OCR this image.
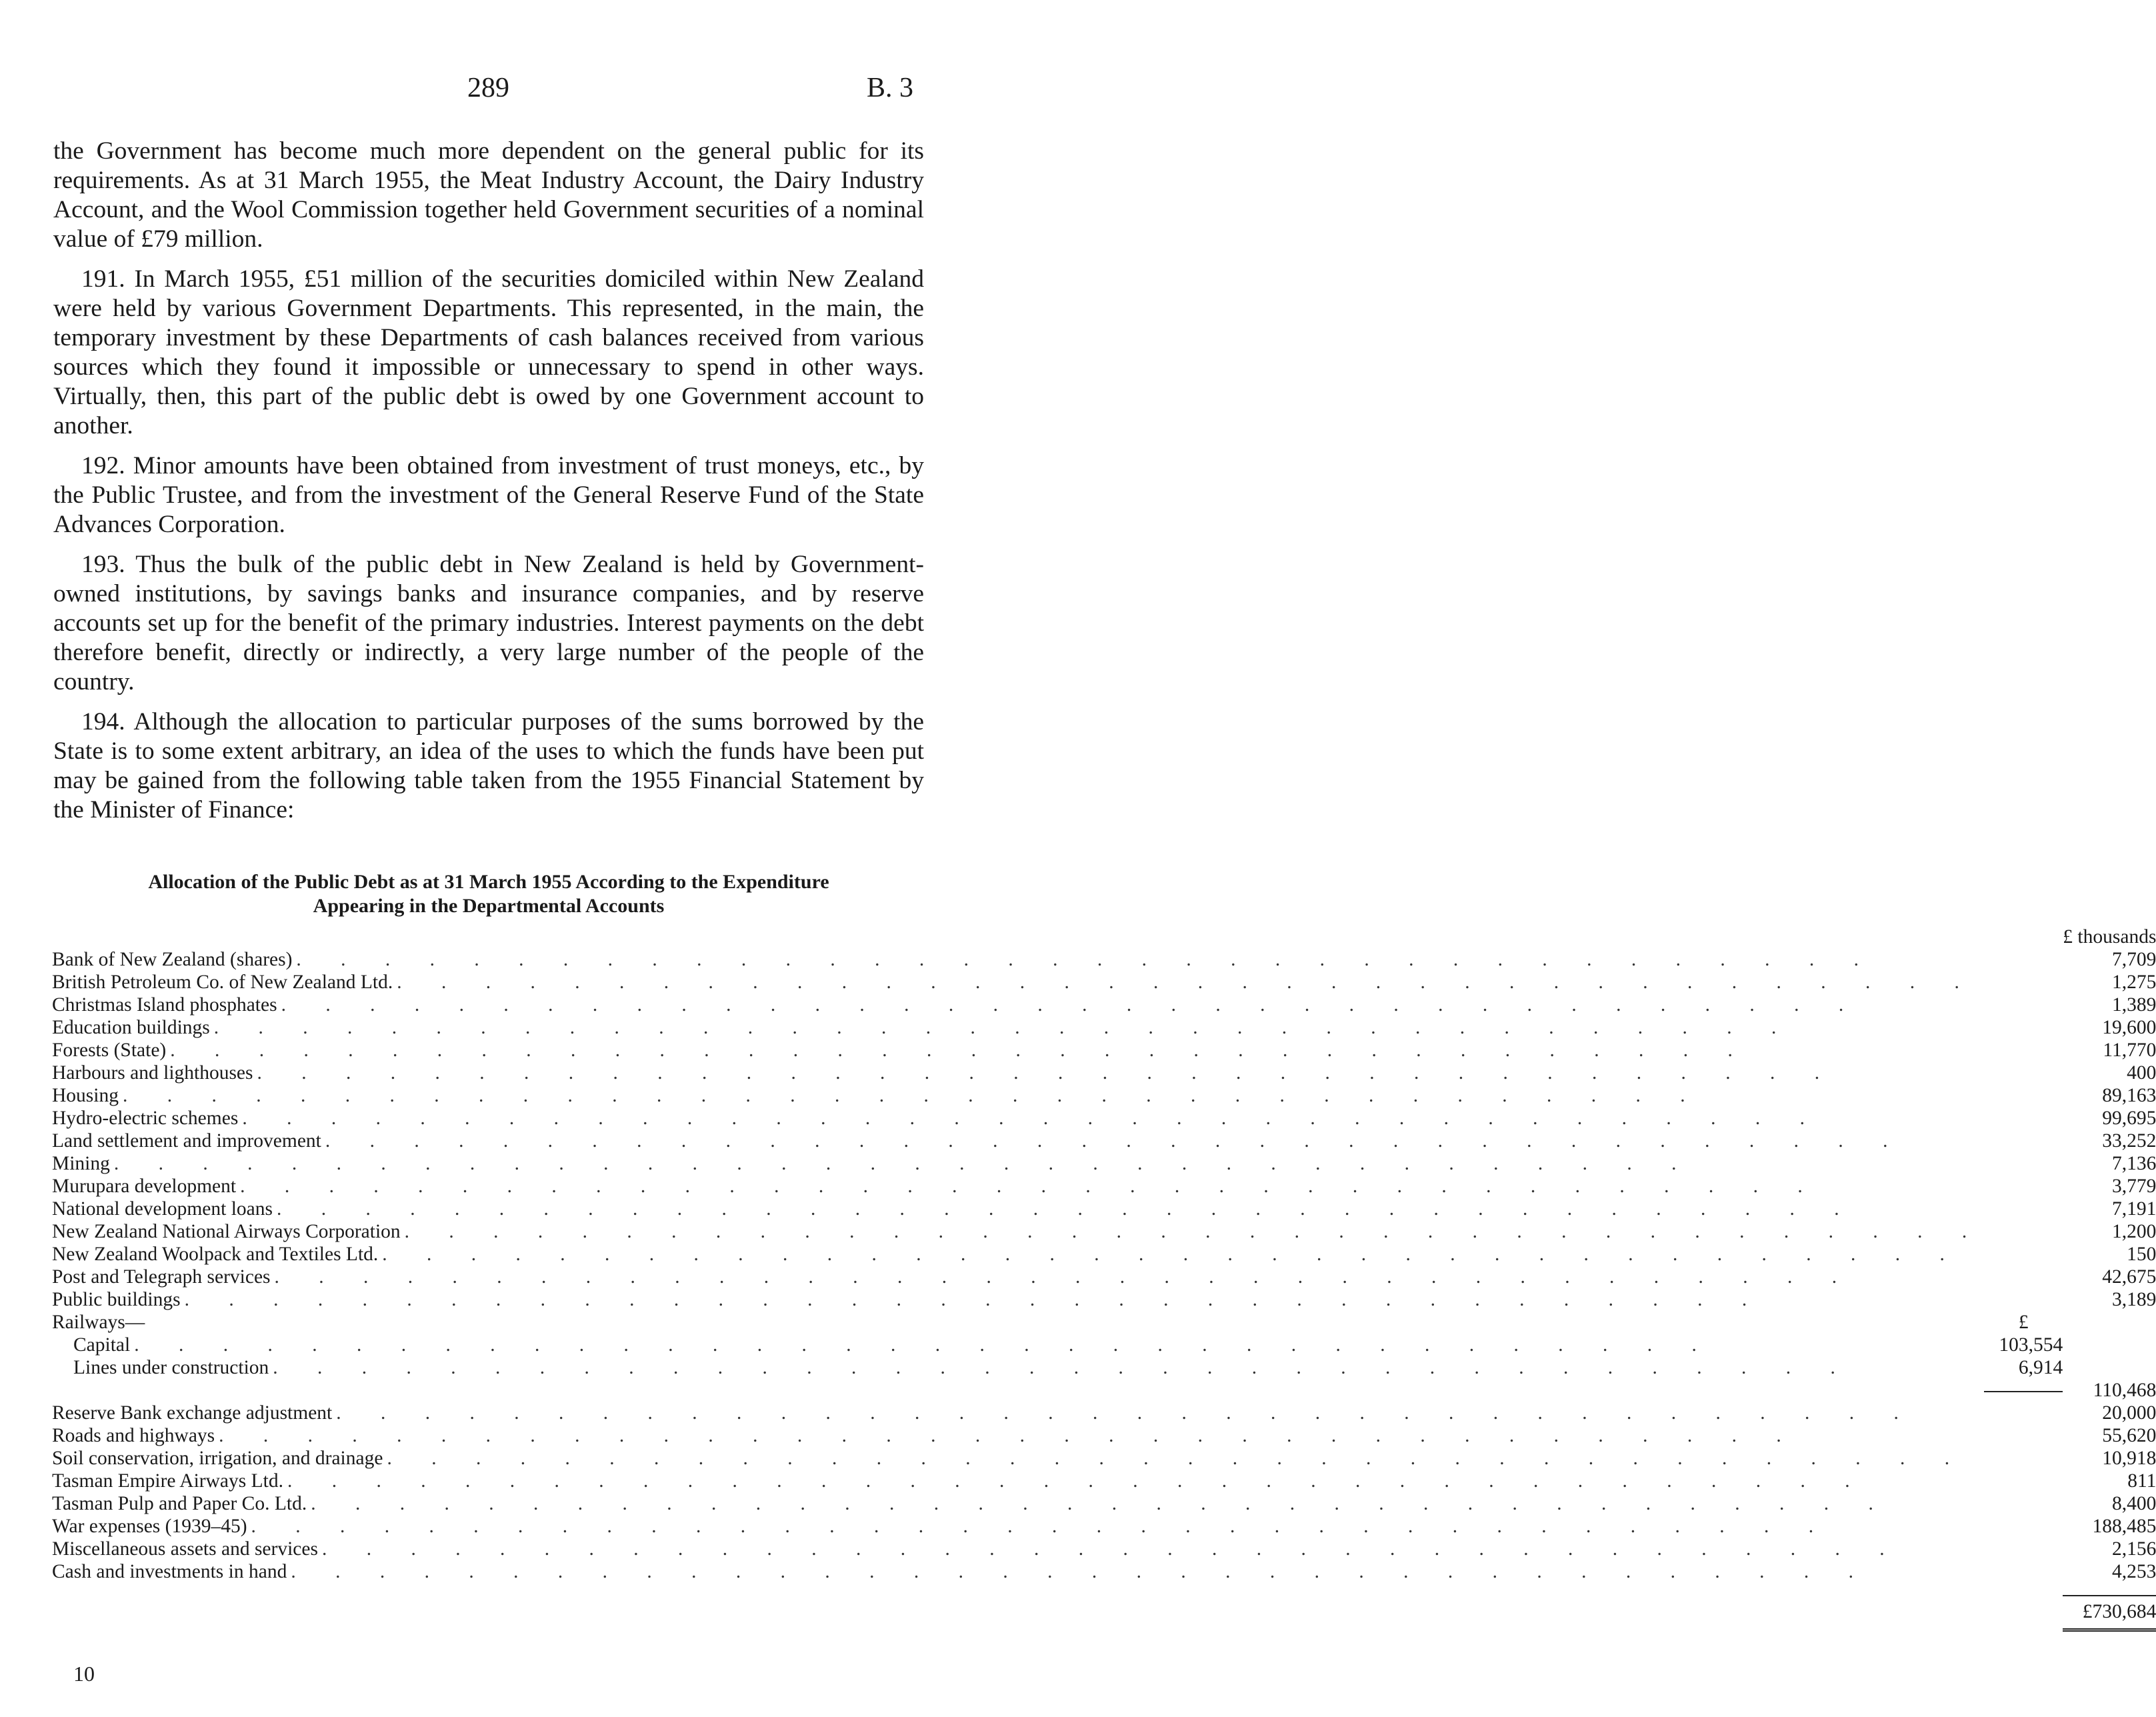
289	B. 3

the Government has become much more dependent on the general public for its requirements. As at 31 March 1955, the Meat Industry Account, the Dairy Industry Account, and the Wool Commission together held Government securities of a nominal value of £79 million.

191. In March 1955, £51 million of the securities domiciled within New Zealand were held by various Government Departments. This represented, in the main, the temporary investment by these Departments of cash balances received from various sources which they found it impossible or unnecessary to spend in other ways. Virtually, then, this part of the public debt is owed by one Government account to another.

192. Minor amounts have been obtained from investment of trust moneys, etc., by the Public Trustee, and from the investment of the General Reserve Fund of the State Advances Corporation.

193. Thus the bulk of the public debt in New Zealand is held by Government-owned institutions, by savings banks and insurance companies, and by reserve accounts set up for the benefit of the primary industries. Interest payments on the debt therefore benefit, directly or indirectly, a very large number of the people of the country.

194. Although the allocation to particular purposes of the sums borrowed by the State is to some extent arbitrary, an idea of the uses to which the funds have been put may be gained from the following table taken from the 1955 Financial Statement by the Minister of Finance:

Allocation of the Public Debt as at 31 March 1955 According to the Expenditure
Appearing in the Departmental Accounts
		£ thousands
Bank of New Zealand (shares) . . . . . . . . . . . . . . . . . . . . . . . . . . . . . . . . . . . .		7,709
British Petroleum Co. of New Zealand Ltd. . . . . . . . . . . . . . . . . . . . . . . . . . . . . . . . . . . . .		1,275
Christmas Island phosphates . . . . . . . . . . . . . . . . . . . . . . . . . . . . . . . . . . . .		1,389
Education buildings . . . . . . . . . . . . . . . . . . . . . . . . . . . . . . . . . . . .		19,600
Forests (State) . . . . . . . . . . . . . . . . . . . . . . . . . . . . . . . . . . . .		11,770
Harbours and lighthouses . . . . . . . . . . . . . . . . . . . . . . . . . . . . . . . . . . . .		400
Housing . . . . . . . . . . . . . . . . . . . . . . . . . . . . . . . . . . . .		89,163
Hydro-electric schemes . . . . . . . . . . . . . . . . . . . . . . . . . . . . . . . . . . . .		99,695
Land settlement and improvement . . . . . . . . . . . . . . . . . . . . . . . . . . . . . . . . . . . .		33,252
Mining . . . . . . . . . . . . . . . . . . . . . . . . . . . . . . . . . . . .		7,136
Murupara development . . . . . . . . . . . . . . . . . . . . . . . . . . . . . . . . . . . .		3,779
National development loans . . . . . . . . . . . . . . . . . . . . . . . . . . . . . . . . . . . .		7,191
New Zealand National Airways Corporation . . . . . . . . . . . . . . . . . . . . . . . . . . . . . . . . . . . .		1,200
New Zealand Woolpack and Textiles Ltd. . . . . . . . . . . . . . . . . . . . . . . . . . . . . . . . . . . . .		150
Post and Telegraph services . . . . . . . . . . . . . . . . . . . . . . . . . . . . . . . . . . . .		42,675
Public buildings . . . . . . . . . . . . . . . . . . . . . . . . . . . . . . . . . . . .		3,189
Railways—	£	
Capital . . . . . . . . . . . . . . . . . . . . . . . . . . . . . . . . . . . .	103,554	
Lines under construction . . . . . . . . . . . . . . . . . . . . . . . . . . . . . . . . . . . .	6,914	
		110,468
Reserve Bank exchange adjustment . . . . . . . . . . . . . . . . . . . . . . . . . . . . . . . . . . . .		20,000
Roads and highways . . . . . . . . . . . . . . . . . . . . . . . . . . . . . . . . . . . .		55,620
Soil conservation, irrigation, and drainage . . . . . . . . . . . . . . . . . . . . . . . . . . . . . . . . . . . .		10,918
Tasman Empire Airways Ltd. . . . . . . . . . . . . . . . . . . . . . . . . . . . . . . . . . . . .		811
Tasman Pulp and Paper Co. Ltd. . . . . . . . . . . . . . . . . . . . . . . . . . . . . . . . . . . . .		8,400
War expenses (1939–45) . . . . . . . . . . . . . . . . . . . . . . . . . . . . . . . . . . . .		188,485
Miscellaneous assets and services . . . . . . . . . . . . . . . . . . . . . . . . . . . . . . . . . . . .		2,156
Cash and investments in hand . . . . . . . . . . . . . . . . . . . . . . . . . . . . . . . . . . . .		4,253

		£730,684
10
